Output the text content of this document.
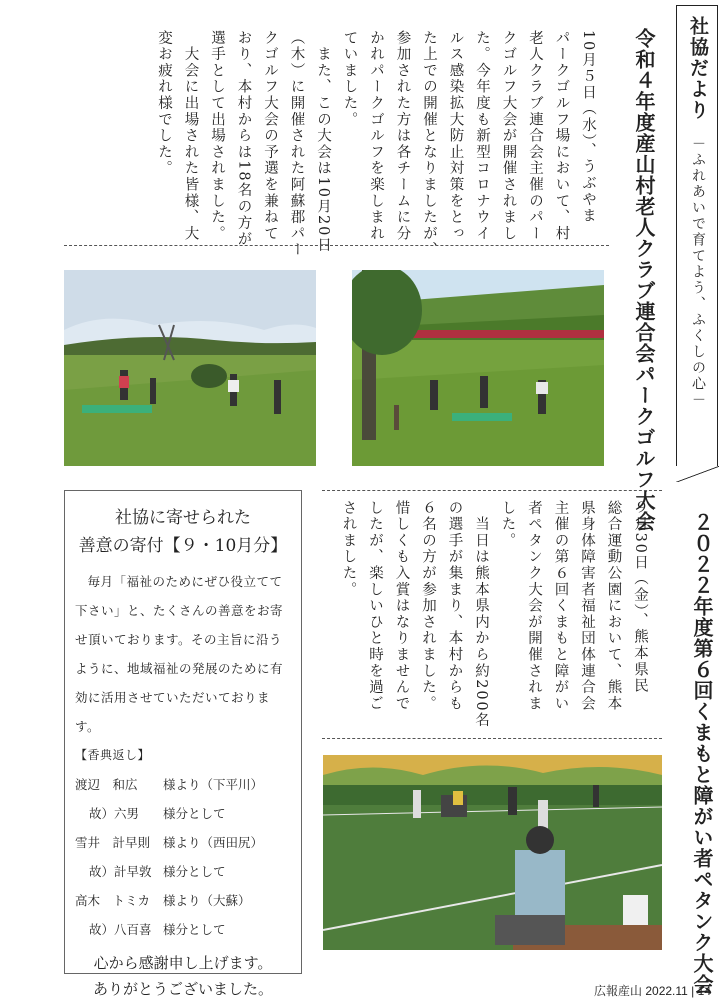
社協だより
－ふれあいで育てよう、ふくしの心－
令和４年度産山村老人クラブ連合会パークゴルフ大会
10月５日（水）、うぶやま
パークゴルフ場において、村
老人クラブ連合会主催のパー
クゴルフ大会が開催されまし
た。今年度も新型コロナウイ
ルス感染拡大防止対策をとっ
た上での開催となりましたが、
参加された方は各チームに分
かれパークゴルフを楽しまれ
ていました。
　また、この大会は10月20日
（木）に開催された阿蘇郡パー
クゴルフ大会の予選を兼ねて
おり、本村からは18名の方が
選手として出場されました。
　大会に出場された皆様、大
変お疲れ様でした。
２０２２年度第６回くまもと障がい者ペタンク大会
９月30日（金）、熊本県民
総合運動公園において、熊本
県身体障害者福祉団体連合会
主催の第６回くまもと障がい
者ペタンク大会が開催されま
した。
　当日は熊本県内から約200名
の選手が集まり、本村からも
６名の方が参加されました。
惜しくも入賞はなりませんで
したが、楽しいひと時を過ご
されました。
社協に寄せられた
善意の寄付【９・10月分】
毎月「福祉のためにぜひ役立てて下さい」と、たくさんの善意をお寄せ頂いております。その主旨に沿うように、地域福祉の発展のために有効に活用させていただいております。
【香典返し】
渡辺　和広	様より（下平川）
故）六男	様分として
雪井　計早則	様より（西田尻）
故）計早敦 様分として
高木　トミカ	様より（大蘇）
故）八百喜 様分として
心から感謝申し上げます。
ありがとうございました。	広報産山 2022.11 | 14
